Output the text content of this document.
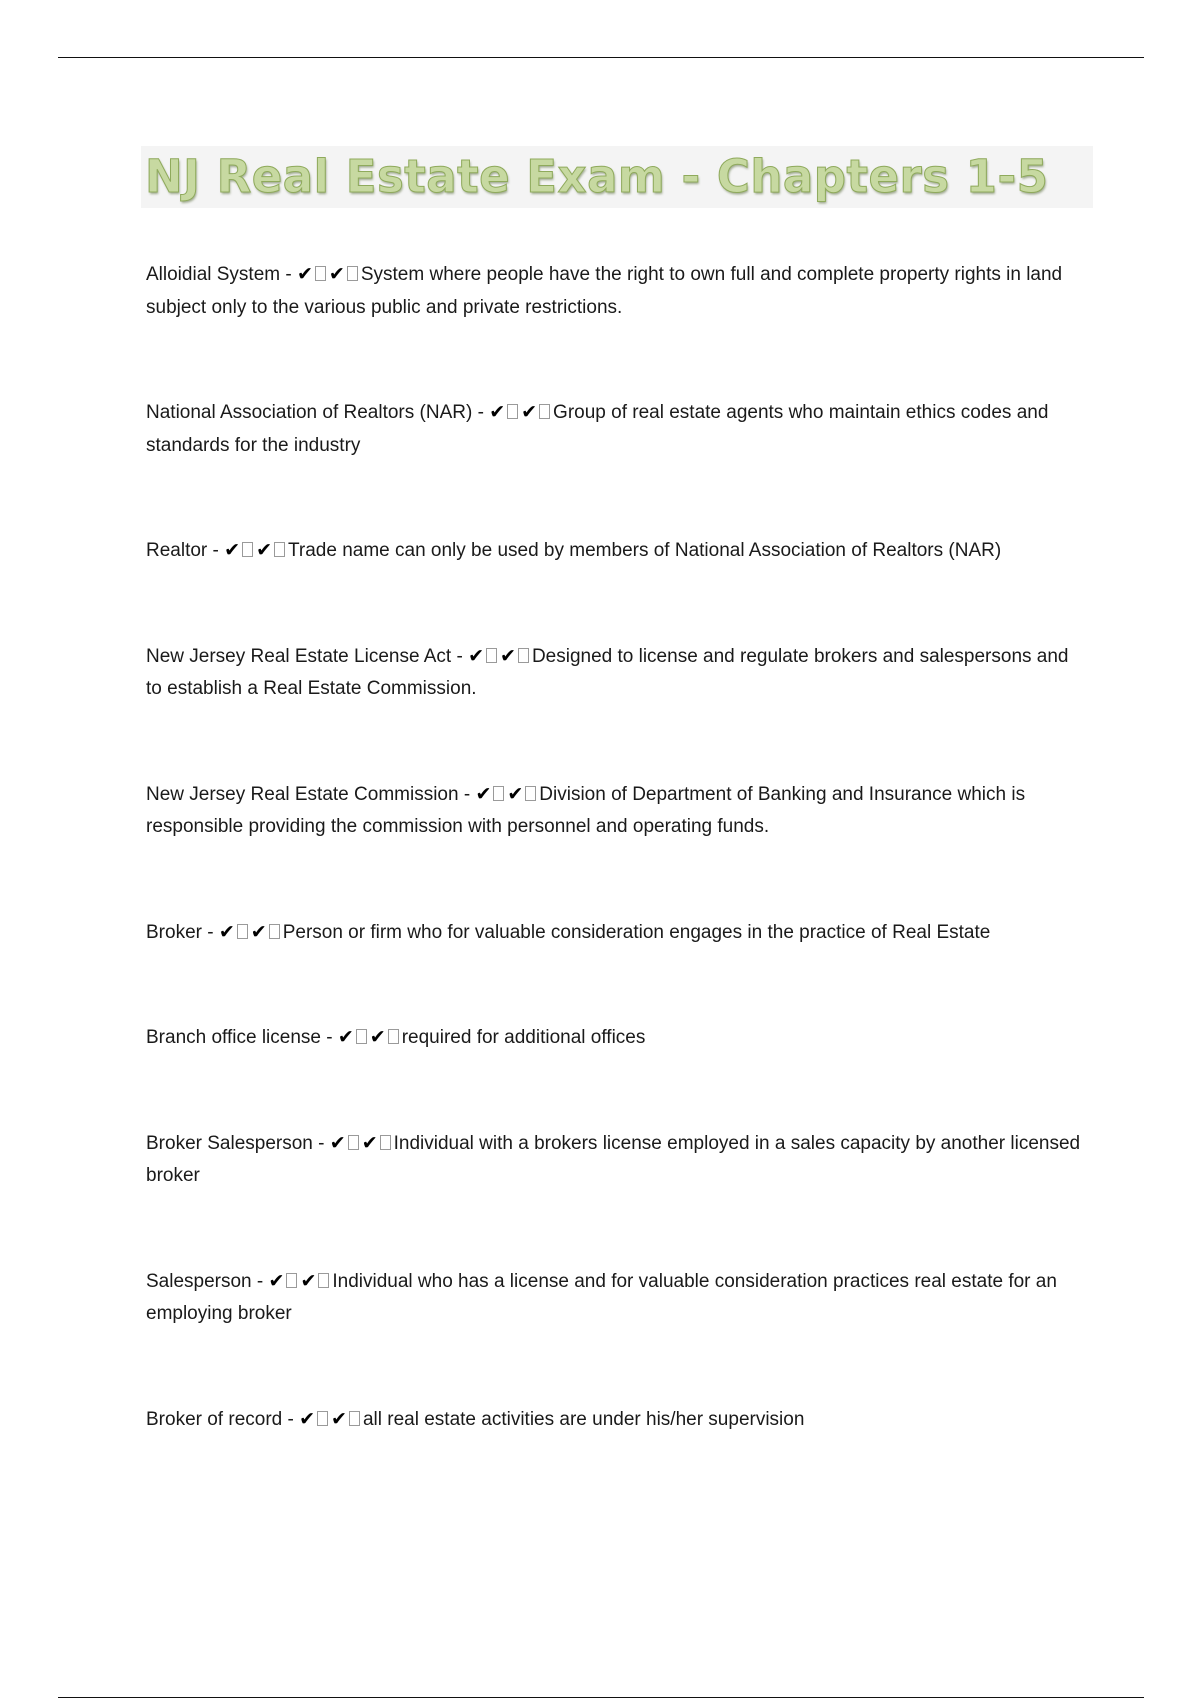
NJ Real Estate Exam - Chapters 1-5

Alloidial System - ✔ ✔ System where people have the right to own full and complete property rights in land subject only to the various public and private restrictions.

National Association of Realtors (NAR) - ✔ ✔ Group of real estate agents who maintain ethics codes and standards for the industry

Realtor - ✔ ✔ Trade name can only be used by members of National Association of Realtors (NAR)

New Jersey Real Estate License Act - ✔ ✔ Designed to license and regulate brokers and salespersons and to establish a Real Estate Commission.

New Jersey Real Estate Commission - ✔ ✔ Division of Department of Banking and Insurance which is responsible providing the commission with personnel and operating funds.

Broker - ✔ ✔ Person or firm who for valuable consideration engages in the practice of Real Estate

Branch office license - ✔ ✔ required for additional offices

Broker Salesperson - ✔ ✔ Individual with a brokers license employed in a sales capacity by another licensed broker

Salesperson - ✔ ✔ Individual who has a license and for valuable consideration practices real estate for an employing broker

Broker of record - ✔ ✔ all real estate activities are under his/her supervision
